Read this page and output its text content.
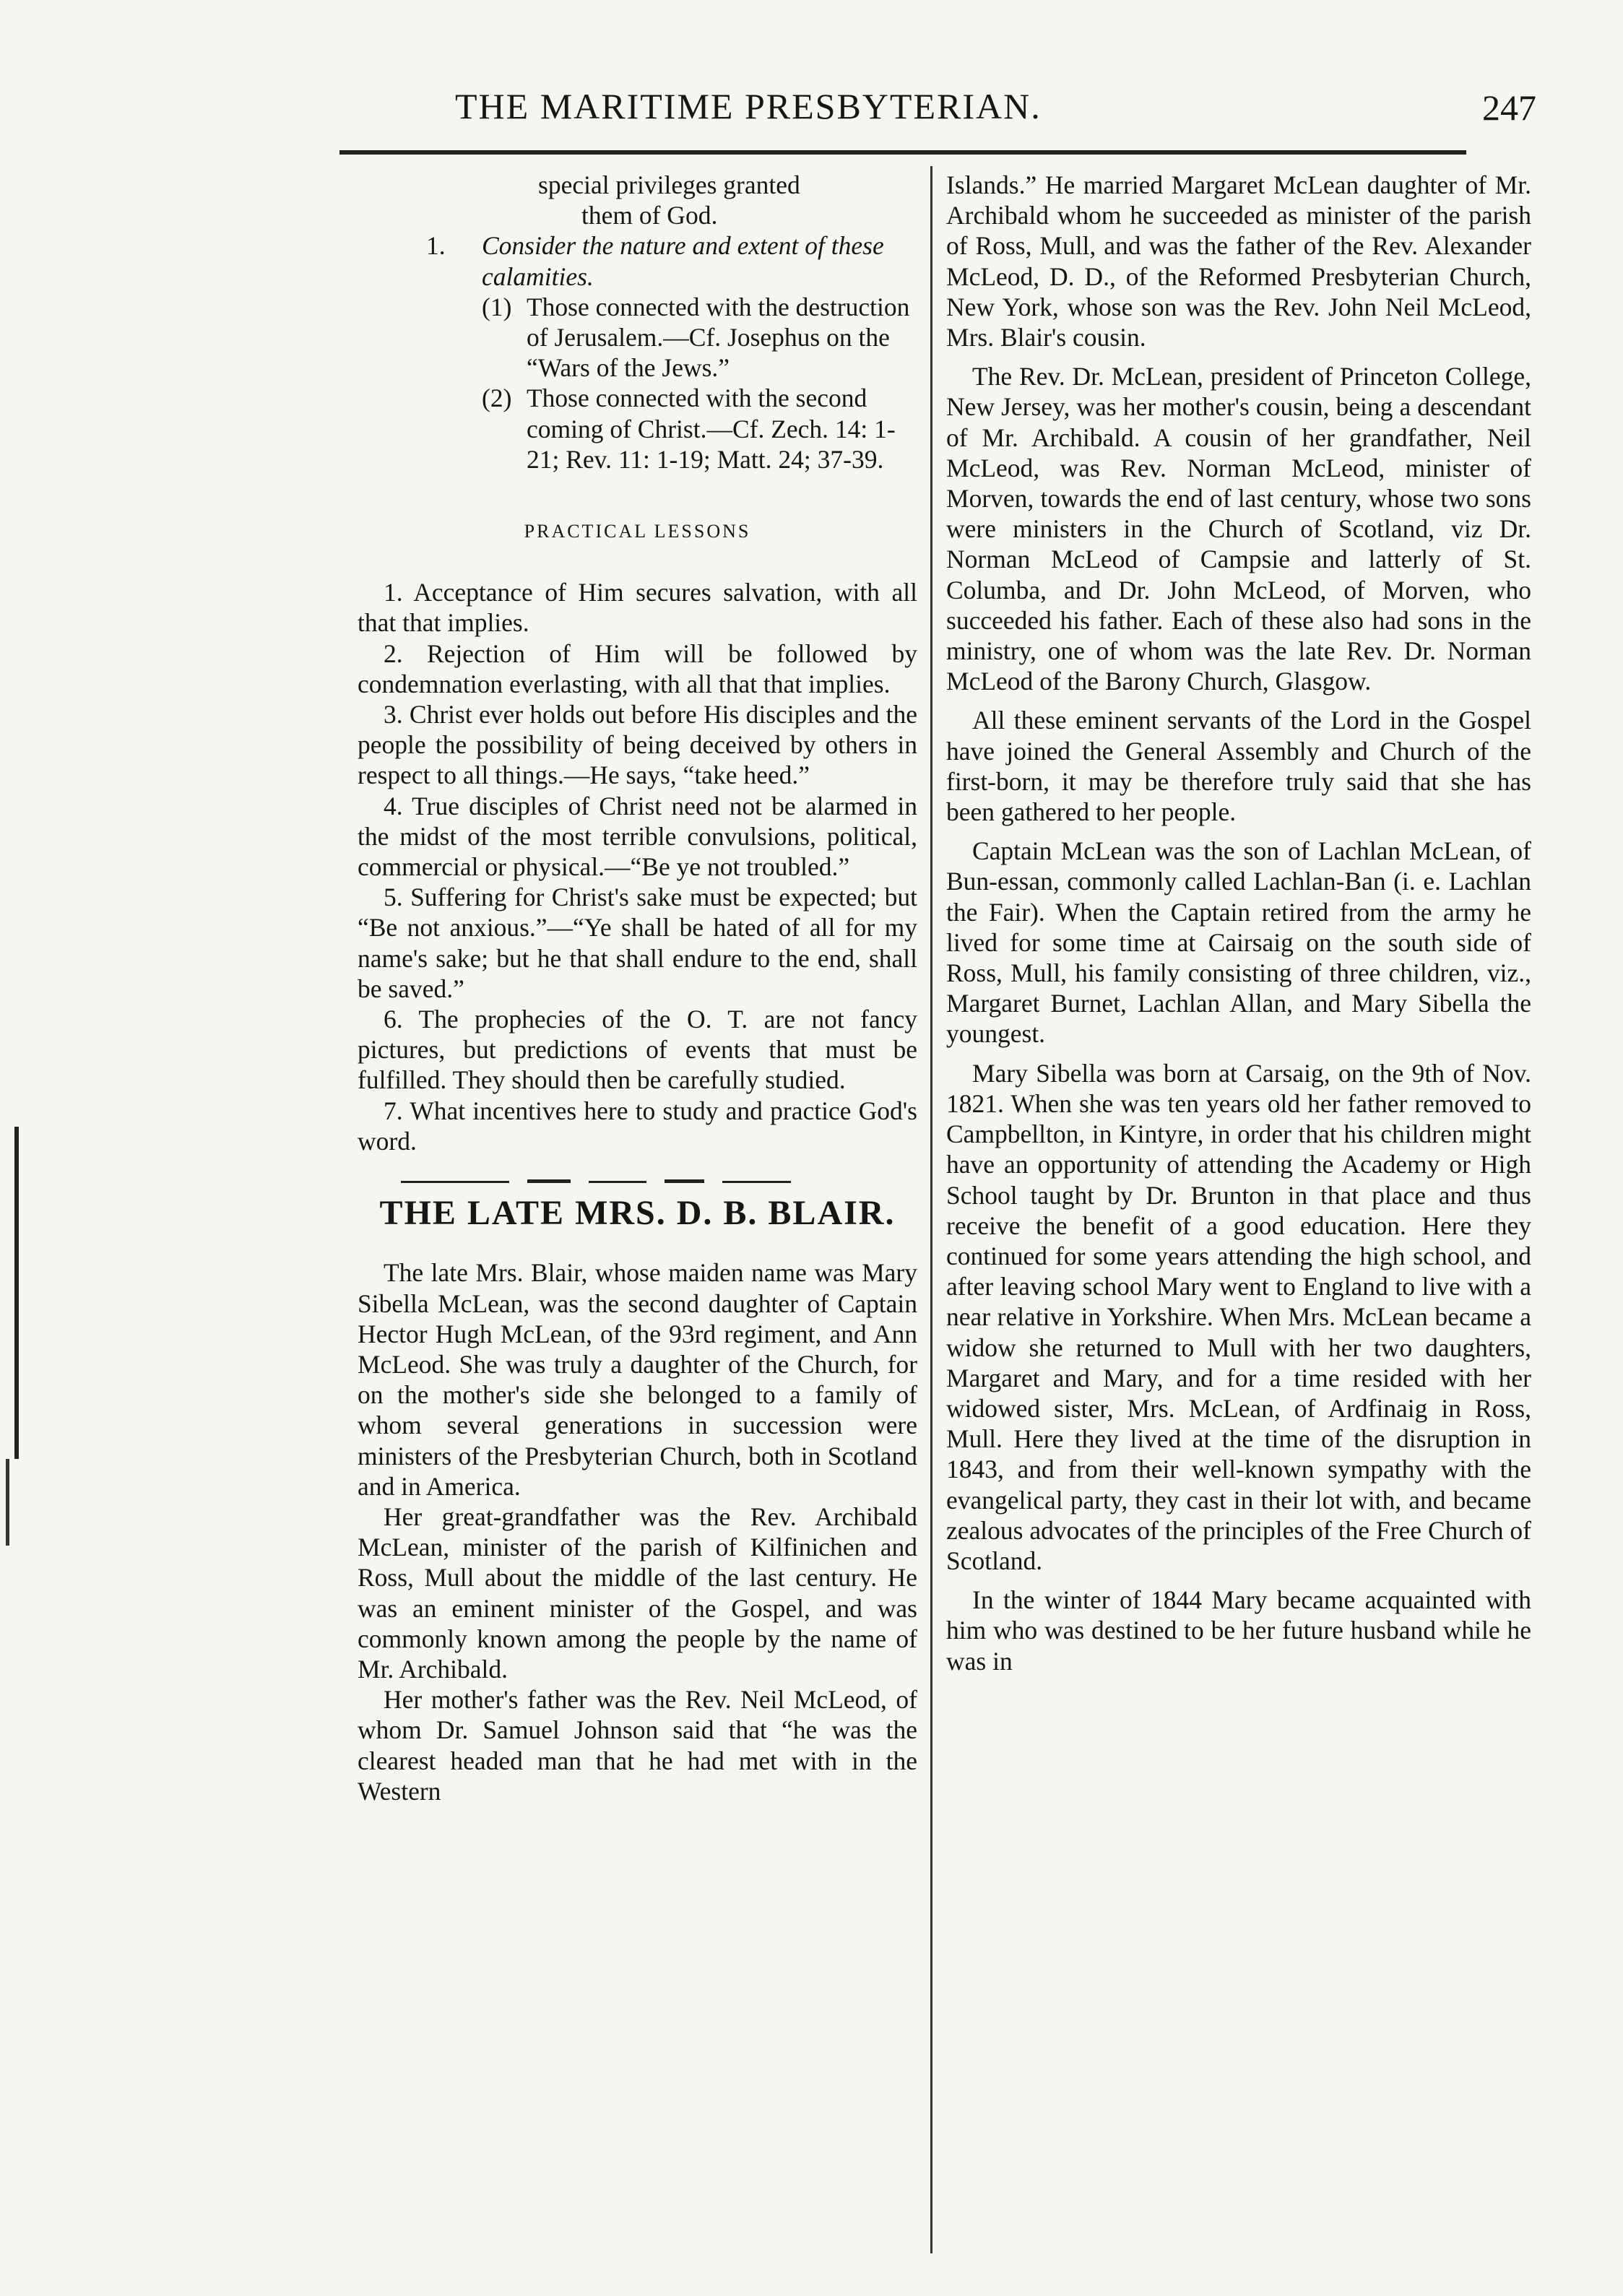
THE MARITIME PRESBYTERIAN.	247

special privileges granted

them of God.

1.	Consider the nature and extent of these calamities.
(1) Those connected with the destruction of Jerusalem.—Cf. Josephus on the “Wars of the Jews.”
(2) Those connected with the second coming of Christ.—Cf. Zech. 14: 1-21; Rev. 11: 1-19; Matt. 24; 37-39.
PRACTICAL LESSONS

1. Acceptance of Him secures salvation, with all that that implies.

2. Rejection of Him will be followed by condemnation everlasting, with all that that implies.

3. Christ ever holds out before His disciples and the people the possibility of being deceived by others in respect to all things.—He says, “take heed.”

4. True disciples of Christ need not be alarmed in the midst of the most terrible convulsions, political, commercial or physical.—“Be ye not troubled.”

5. Suffering for Christ's sake must be expected; but “Be not anxious.”—“Ye shall be hated of all for my name's sake; but he that shall endure to the end, shall be saved.”

6. The prophecies of the O. T. are not fancy pictures, but predictions of events that must be fulfilled. They should then be carefully studied.

7. What incentives here to study and practice God's word.

THE LATE MRS. D. B. BLAIR.

The late Mrs. Blair, whose maiden name was Mary Sibella McLean, was the second daughter of Captain Hector Hugh McLean, of the 93rd regiment, and Ann McLeod. She was truly a daughter of the Church, for on the mother's side she belonged to a family of whom several generations in succession were ministers of the Presbyterian Church, both in Scotland and in America.

Her great-grandfather was the Rev. Archibald McLean, minister of the parish of Kilfinichen and Ross, Mull about the middle of the last century. He was an eminent minister of the Gospel, and was commonly known among the people by the name of Mr. Archibald.

Her mother's father was the Rev. Neil McLeod, of whom Dr. Samuel Johnson said that “he was the clearest headed man that he had met with in the Western

Islands.” He married Margaret McLean daughter of Mr. Archibald whom he succeeded as minister of the parish of Ross, Mull, and was the father of the Rev. Alexander McLeod, D. D., of the Reformed Presbyterian Church, New York, whose son was the Rev. John Neil McLeod, Mrs. Blair's cousin.

The Rev. Dr. McLean, president of Princeton College, New Jersey, was her mother's cousin, being a descendant of Mr. Archibald. A cousin of her grandfather, Neil McLeod, was Rev. Norman McLeod, minister of Morven, towards the end of last century, whose two sons were ministers in the Church of Scotland, viz Dr. Norman McLeod of Campsie and latterly of St. Columba, and Dr. John McLeod, of Morven, who succeeded his father. Each of these also had sons in the ministry, one of whom was the late Rev. Dr. Norman McLeod of the Barony Church, Glasgow.

All these eminent servants of the Lord in the Gospel have joined the General Assembly and Church of the first-born, it may be therefore truly said that she has been gathered to her people.

Captain McLean was the son of Lachlan McLean, of Bun-essan, commonly called Lachlan-Ban (i. e. Lachlan the Fair). When the Captain retired from the army he lived for some time at Cairsaig on the south side of Ross, Mull, his family consisting of three children, viz., Margaret Burnet, Lachlan Allan, and Mary Sibella the youngest.

Mary Sibella was born at Carsaig, on the 9th of Nov. 1821. When she was ten years old her father removed to Campbellton, in Kintyre, in order that his children might have an opportunity of attending the Academy or High School taught by Dr. Brunton in that place and thus receive the benefit of a good education. Here they continued for some years attending the high school, and after leaving school Mary went to England to live with a near relative in Yorkshire. When Mrs. McLean became a widow she returned to Mull with her two daughters, Margaret and Mary, and for a time resided with her widowed sister, Mrs. McLean, of Ardfinaig in Ross, Mull. Here they lived at the time of the disruption in 1843, and from their well-known sympathy with the evangelical party, they cast in their lot with, and became zealous advocates of the principles of the Free Church of Scotland.

In the winter of 1844 Mary became acquainted with him who was destined to be her future husband while he was in
